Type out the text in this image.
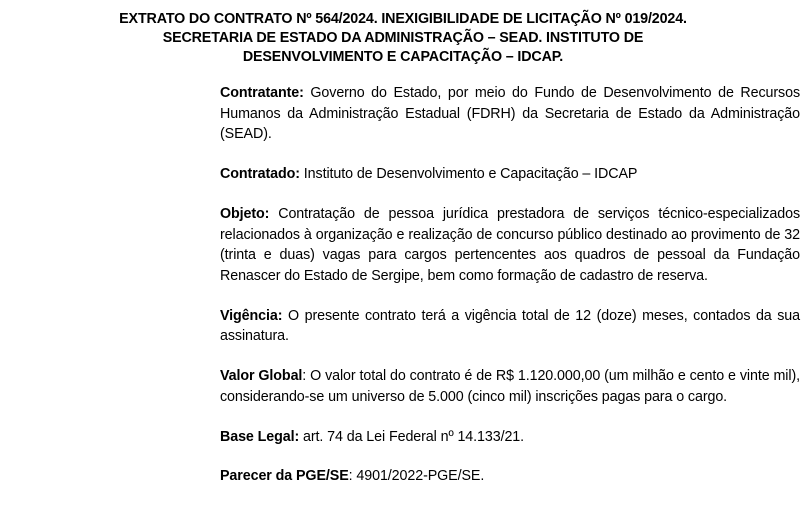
EXTRATO DO CONTRATO Nº 564/2024. INEXIGIBILIDADE DE LICITAÇÃO Nº 019/2024.
SECRETARIA DE ESTADO DA ADMINISTRAÇÃO – SEAD. INSTITUTO DE
DESENVOLVIMENTO E CAPACITAÇÃO – IDCAP.

Contratante: Governo do Estado, por meio do Fundo de Desenvolvimento de Recursos Humanos da Administração Estadual (FDRH) da Secretaria de Estado da Administração (SEAD).

Contratado: Instituto de Desenvolvimento e Capacitação – IDCAP

Objeto: Contratação de pessoa jurídica prestadora de serviços técnico-especializados relacionados à organização e realização de concurso público destinado ao provimento de 32 (trinta e duas) vagas para cargos pertencentes aos quadros de pessoal da Fundação Renascer do Estado de Sergipe, bem como formação de cadastro de reserva.

Vigência: O presente contrato terá a vigência total de 12 (doze) meses, contados da sua assinatura.

Valor Global: O valor total do contrato é de R$ 1.120.000,00 (um milhão e cento e vinte mil), considerando-se um universo de 5.000 (cinco mil) inscrições pagas para o cargo.

Base Legal: art. 74 da Lei Federal nº 14.133/21.

Parecer da PGE/SE: 4901/2022-PGE/SE.
